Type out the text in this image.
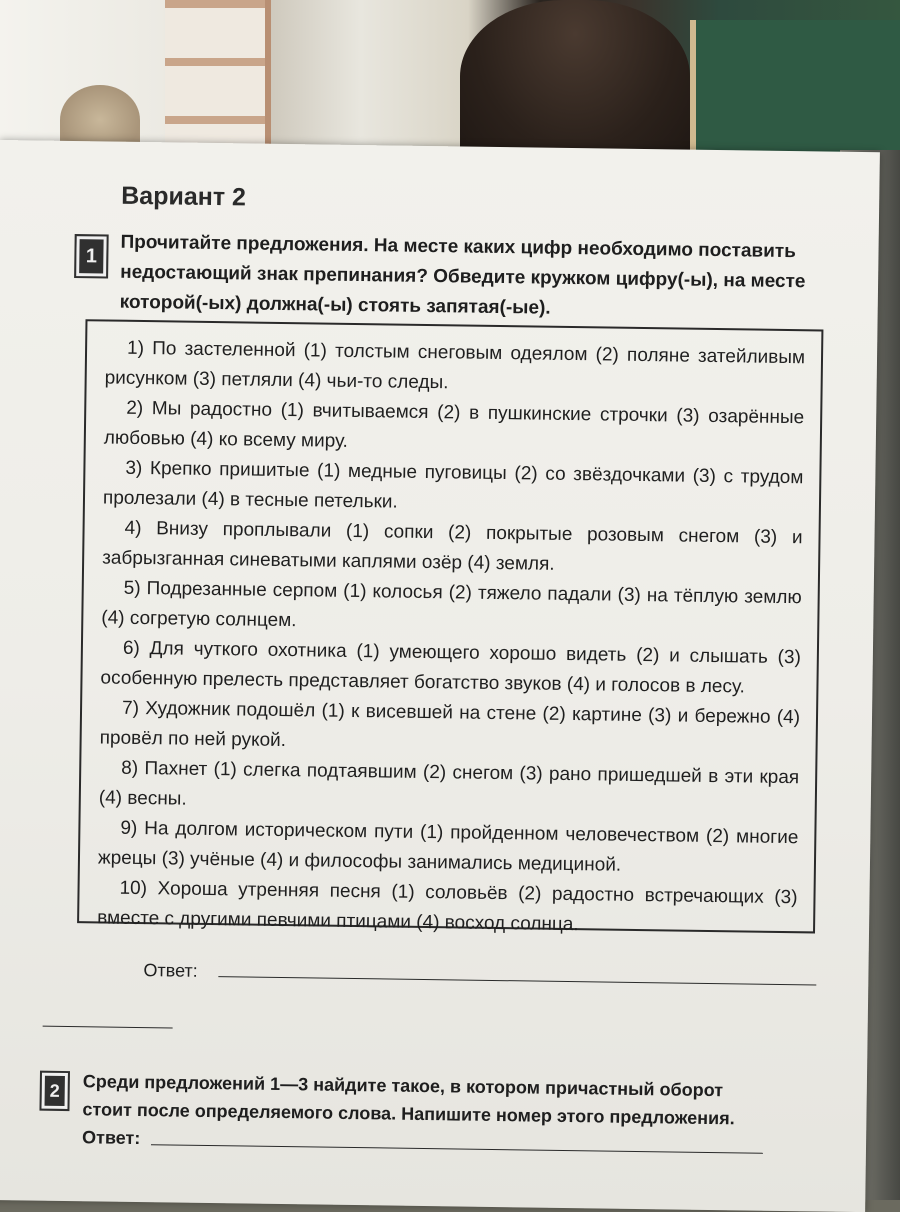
Вариант 2
1	Прочитайте предложения. На месте каких цифр необходимо поставить недостающий знак препинания? Обведите кружком цифру(-ы), на месте которой(-ых) должна(-ы) стоять запятая(-ые).
1) По застеленной (1) толстым снеговым одеялом (2) поляне затейливым рисунком (3) петляли (4) чьи-то следы.
2) Мы радостно (1) вчитываемся (2) в пушкинские строчки (3) озарённые любовью (4) ко всему миру.
3) Крепко пришитые (1) медные пуговицы (2) со звёздочками (3) с трудом пролезали (4) в тесные петельки.
4) Внизу проплывали (1) сопки (2) покрытые розовым снегом (3) и забрызганная синеватыми каплями озёр (4) земля.
5) Подрезанные серпом (1) колосья (2) тяжело падали (3) на тёплую землю (4) согретую солнцем.
6) Для чуткого охотника (1) умеющего хорошо видеть (2) и слышать (3) особенную прелесть представляет богатство звуков (4) и голосов в лесу.
7) Художник подошёл (1) к висевшей на стене (2) картине (3) и бережно (4) провёл по ней рукой.
8) Пахнет (1) слегка подтаявшим (2) снегом (3) рано пришедшей в эти края (4) весны.
9) На долгом историческом пути (1) пройденном человечеством (2) многие жрецы (3) учёные (4) и философы занимались медициной.
10) Хороша утренняя песня (1) соловьёв (2) радостно встречающих (3) вместе с другими певчими птицами (4) восход солнца.
Ответ:
2	Среди предложений 1—3 найдите такое, в котором причастный оборот стоит после определяемого слова. Напишите номер этого предложения.
Ответ:
